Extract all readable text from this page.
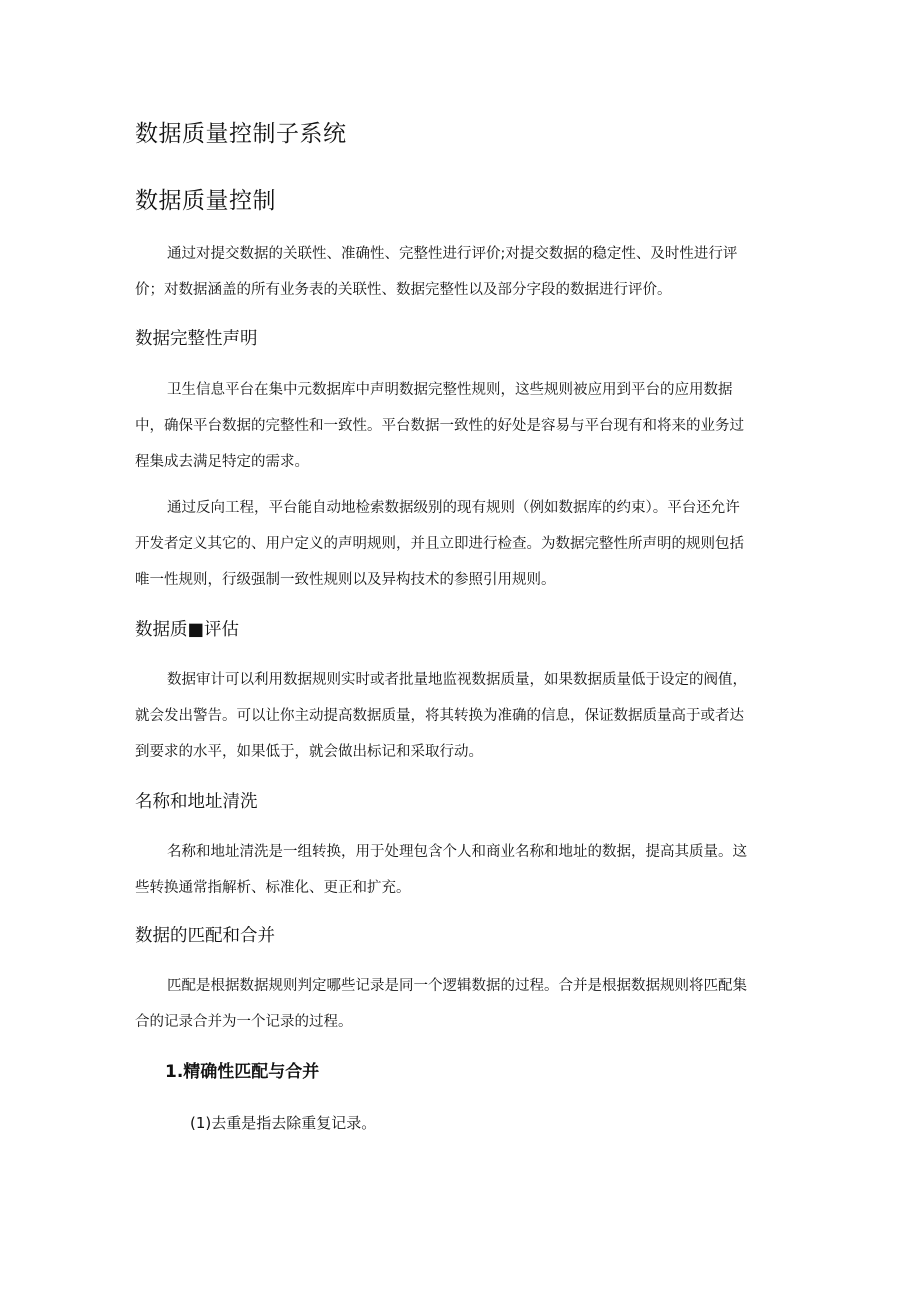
数据质量控制子系统
数据质量控制
通过对提交数据的关联性、准确性、完整性进行评价;对提交数据的稳定性、及时性进行评
价；对数据涵盖的所有业务表的关联性、数据完整性以及部分字段的数据进行评价。
数据完整性声明
卫生信息平台在集中元数据库中声明数据完整性规则，这些规则被应用到平台的应用数据
中，确保平台数据的完整性和一致性。平台数据一致性的好处是容易与平台现有和将来的业务过
程集成去满足特定的需求。
通过反向工程，平台能自动地检索数据级别的现有规则（例如数据库的约束）。平台还允许
开发者定义其它的、用户定义的声明规则，并且立即进行检查。为数据完整性所声明的规则包括
唯一性规则，行级强制一致性规则以及异构技术的参照引用规则。
数据质■评估
数据审计可以利用数据规则实时或者批量地监视数据质量，如果数据质量低于设定的阀值，
就会发出警告。可以让你主动提高数据质量，将其转换为准确的信息，保证数据质量高于或者达
到要求的水平，如果低于，就会做出标记和采取行动。
名称和地址清洗
名称和地址清洗是一组转换，用于处理包含个人和商业名称和地址的数据，提高其质量。这
些转换通常指解析、标准化、更正和扩充。
数据的匹配和合并
匹配是根据数据规则判定哪些记录是同一个逻辑数据的过程。合并是根据数据规则将匹配集
合的记录合并为一个记录的过程。
1.精确性匹配与合并
(1)去重是指去除重复记录。
